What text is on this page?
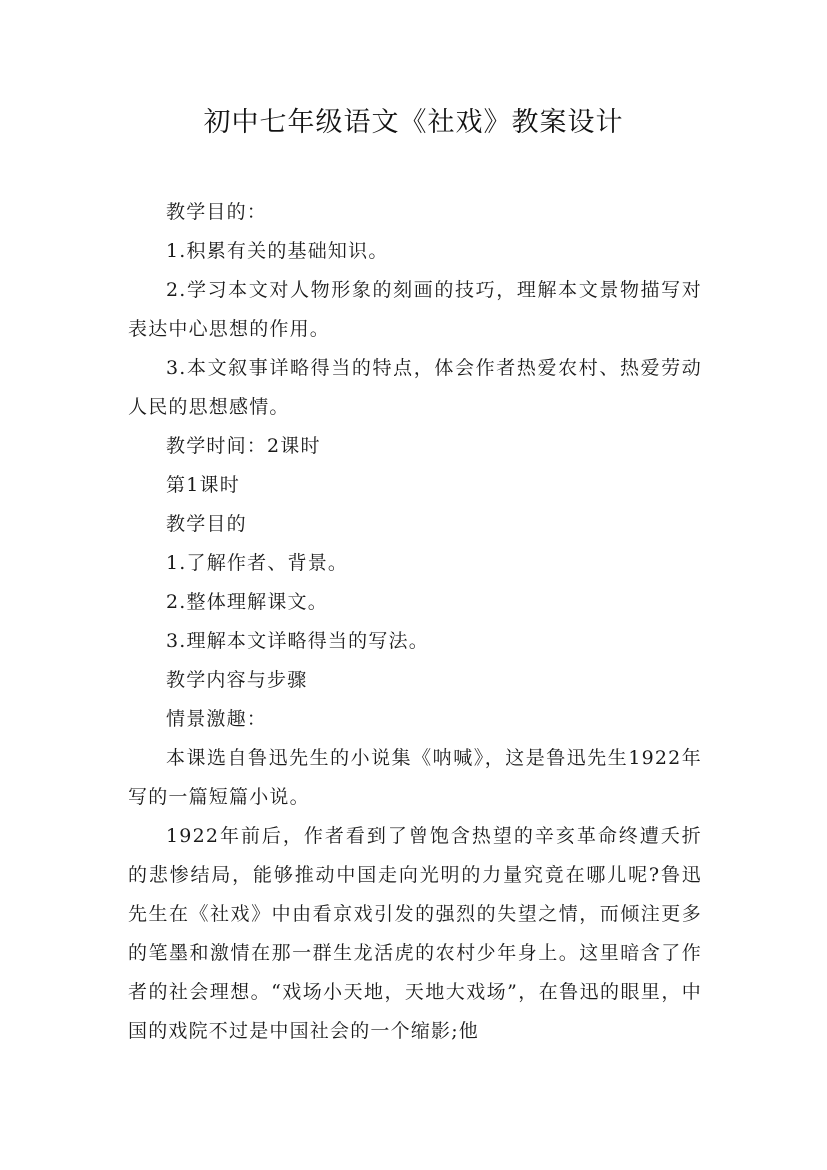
初中七年级语文《社戏》教案设计

教学目的：

1.积累有关的基础知识。

2.学习本文对人物形象的刻画的技巧，理解本文景物描写对表达中心思想的作用。

3.本文叙事详略得当的特点，体会作者热爱农村、热爱劳动人民的思想感情。

教学时间：2课时

第1课时

教学目的

1.了解作者、背景。

2.整体理解课文。

3.理解本文详略得当的写法。

教学内容与步骤

情景激趣：

本课选自鲁迅先生的小说集《呐喊》，这是鲁迅先生1922年写的一篇短篇小说。

1922年前后，作者看到了曾饱含热望的辛亥革命终遭夭折的悲惨结局，能够推动中国走向光明的力量究竟在哪儿呢?鲁迅先生在《社戏》中由看京戏引发的强烈的失望之情，而倾注更多的笔墨和激情在那一群生龙活虎的农村少年身上。这里暗含了作者的社会理想。“戏场小天地，天地大戏场”，在鲁迅的眼里，中国的戏院不过是中国社会的一个缩影;他
